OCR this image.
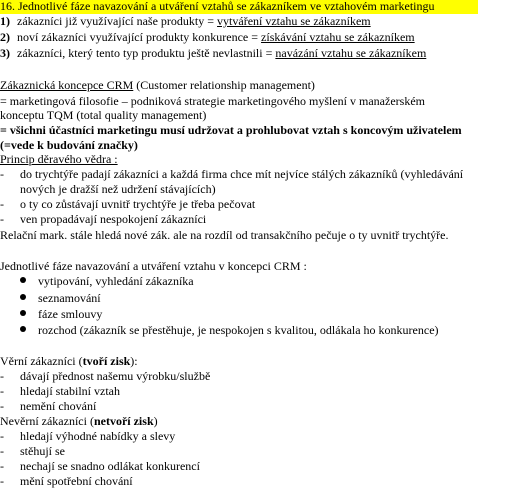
16. Jednotlivé fáze navazování a utváření vztahů se zákazníkem ve vztahovém marketingu
1) zákazníci již využívající naše produkty = vytváření vztahu se zákazníkem
2) noví zákazníci využívající produkty konkurence = získávání vztahu se zákazníkem
3) zákazníci, který tento typ produktu ještě nevlastnili = navázání vztahu se zákazníkem
Zákaznická koncepce CRM (Customer relationship management)
= marketingová filosofie – podniková strategie marketingového myšlení v manažerském
konceptu TQM (total quality management)
= všichni účastníci marketingu musí udržovat a prohlubovat vztah s koncovým uživatelem
(=vede k budování značky)
Princip děravého vědra :
- do trychtýře padají zákazníci a každá firma chce mít nejvíce stálých zákazníků (vyhledávání
nových je dražší než udržení stávajících)
- o ty co zůstávají uvnitř trychtýře je třeba pečovat
- ven propadávají nespokojení zákazníci
Relační mark. stále hledá nové zák. ale na rozdíl od transakčního pečuje o ty uvnitř trychtýře.
Jednotlivé fáze navazování a utváření vztahu v koncepci CRM :
vytipování, vyhledání zákazníka
seznamování
fáze smlouvy
rozchod (zákazník se přestěhuje, je nespokojen s kvalitou, odlákala ho konkurence)
Věrní zákazníci (tvoří zisk):
- dávají přednost našemu výrobku/službě
- hledají stabilní vztah
- nemění chování
Nevěrní zákazníci (netvoří zisk)
- hledají výhodné nabídky a slevy
- stěhují se
- nechají se snadno odlákat konkurencí
- mění spotřební chování
